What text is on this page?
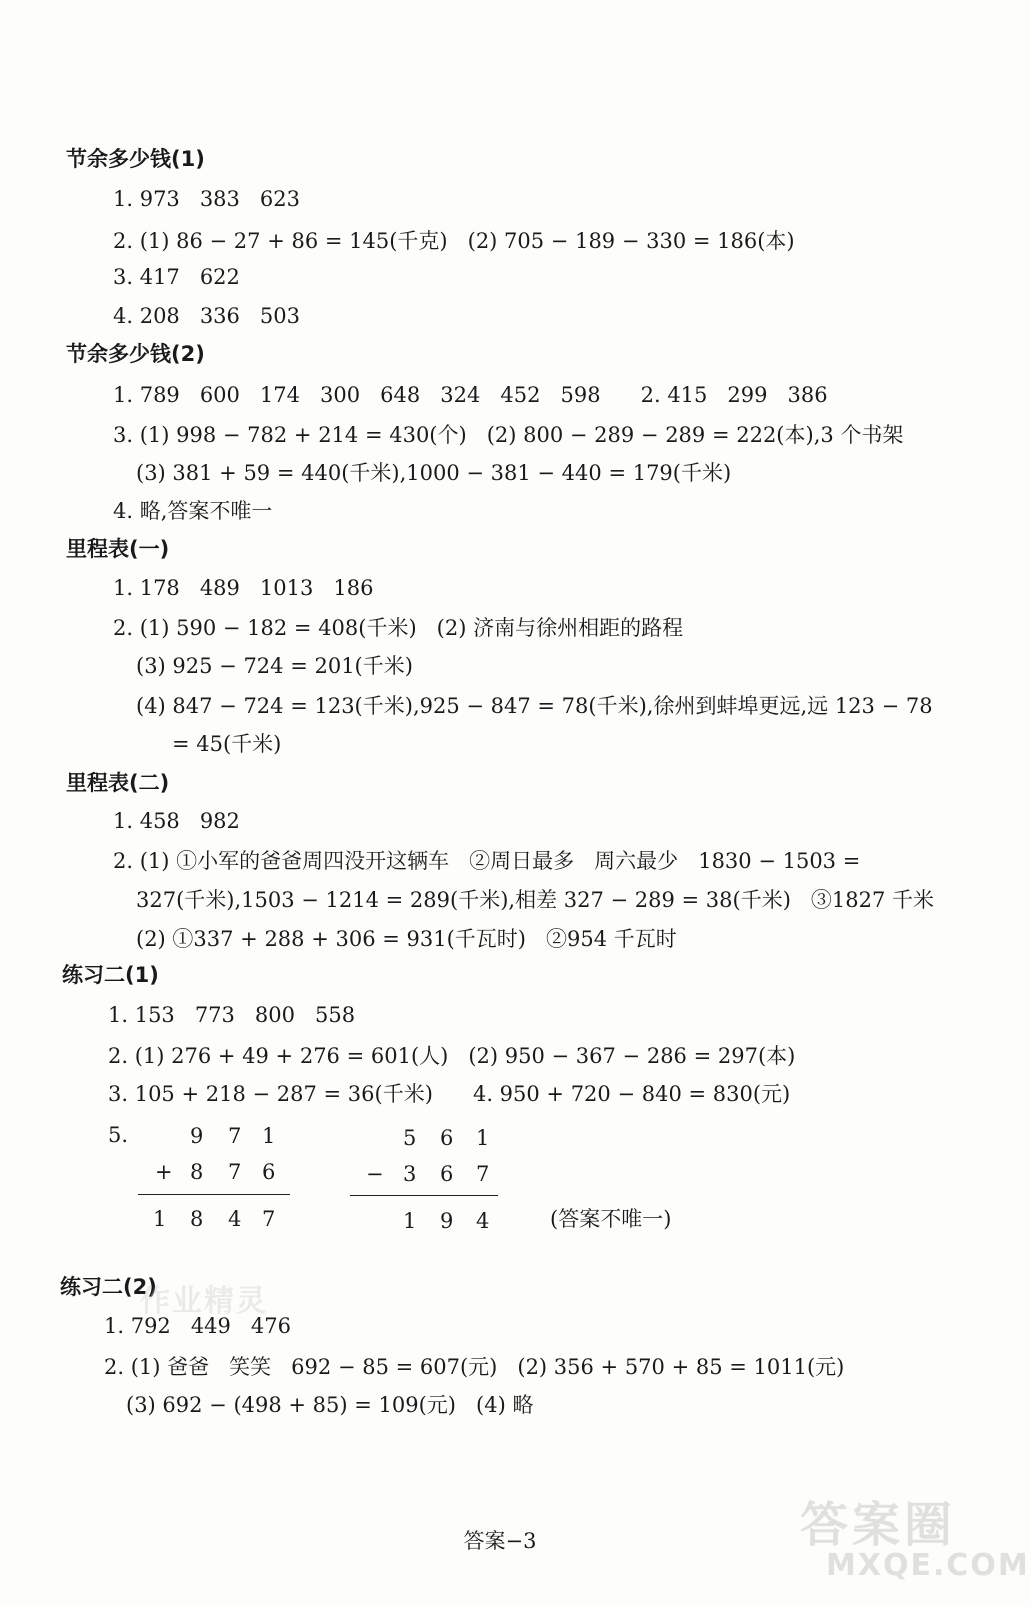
节余多少钱(1)
1. 973   383   623
2. (1) 86 − 27 + 86 = 145(千克)   (2) 705 − 189 − 330 = 186(本)
3. 417   622
4. 208   336   503
节余多少钱(2)
1. 789   600   174   300   648   324   452   598      2. 415   299   386
3. (1) 998 − 782 + 214 = 430(个)   (2) 800 − 289 − 289 = 222(本),3 个书架
(3) 381 + 59 = 440(千米),1000 − 381 − 440 = 179(千米)
4. 略,答案不唯一
里程表(一)
1. 178   489   1013   186
2. (1) 590 − 182 = 408(千米)   (2) 济南与徐州相距的路程
(3) 925 − 724 = 201(千米)
(4) 847 − 724 = 123(千米),925 − 847 = 78(千米),徐州到蚌埠更远,远 123 − 78
= 45(千米)
里程表(二)
1. 458   982
2. (1) ①小军的爸爸周四没开这辆车   ②周日最多   周六最少   1830 − 1503 =
327(千米),1503 − 1214 = 289(千米),相差 327 − 289 = 38(千米)   ③1827 千米
(2) ①337 + 288 + 306 = 931(千瓦时)   ②954 千瓦时
练习二(1)
1. 153   773   800   558
2. (1) 276 + 49 + 276 = 601(人)   (2) 950 − 367 − 286 = 297(本)
3. 105 + 218 − 287 = 36(千米)      4. 950 + 720 − 840 = 830(元)
5.	9 7 1
+ 8 7 6
1 8 4 7
5 6 1
− 3 6 7
1 9 4	(答案不唯一)
练习二(2)
1. 792   449   476
2. (1) 爸爸   笑笑   692 − 85 = 607(元)   (2) 356 + 570 + 85 = 1011(元)
(3) 692 − (498 + 85) = 109(元)   (4) 略
作业精灵
答案−3	答案圈
MXQE.COM
